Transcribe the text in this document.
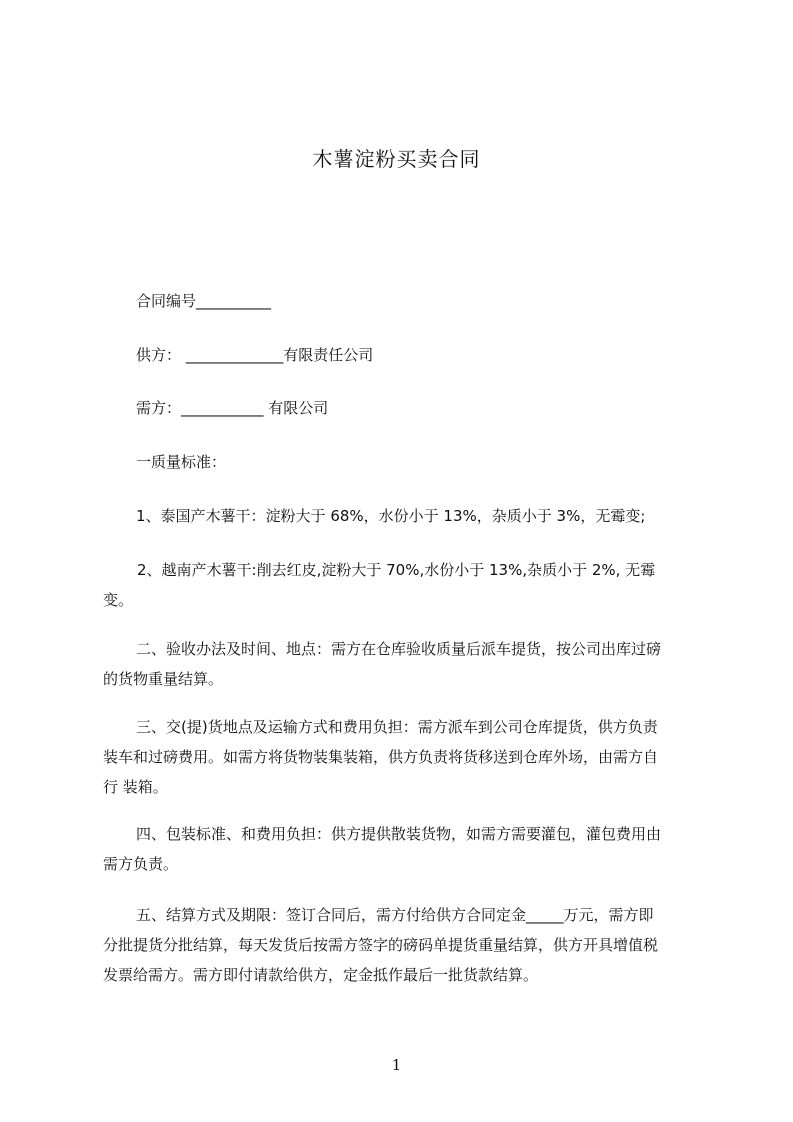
木薯淀粉买卖合同
合同编号__________
供方： _____________有限责任公司
需方：___________ 有限公司
一质量标准：
1、泰国产木薯干：淀粉大于 68%，水份小于 13%，杂质小于 3%，无霉变;
2、越南产木薯干:削去红皮,淀粉大于 70%,水份小于 13%,杂质小于 2%, 无霉
变。
二、验收办法及时间、地点：需方在仓库验收质量后派车提货，按公司出库过磅
的货物重量结算。
三、交(提)货地点及运输方式和费用负担：需方派车到公司仓库提货，供方负责
装车和过磅费用。如需方将货物装集装箱，供方负责将货移送到仓库外场，由需方自
行 装箱。
四、包装标准、和费用负担：供方提供散装货物，如需方需要灌包，灌包费用由
需方负责。
五、结算方式及期限：签订合同后，需方付给供方合同定金_____万元，需方即
分批提货分批结算，每天发货后按需方签字的磅码单提货重量结算，供方开具增值税
发票给需方。需方即付请款给供方，定金抵作最后一批货款结算。
1
